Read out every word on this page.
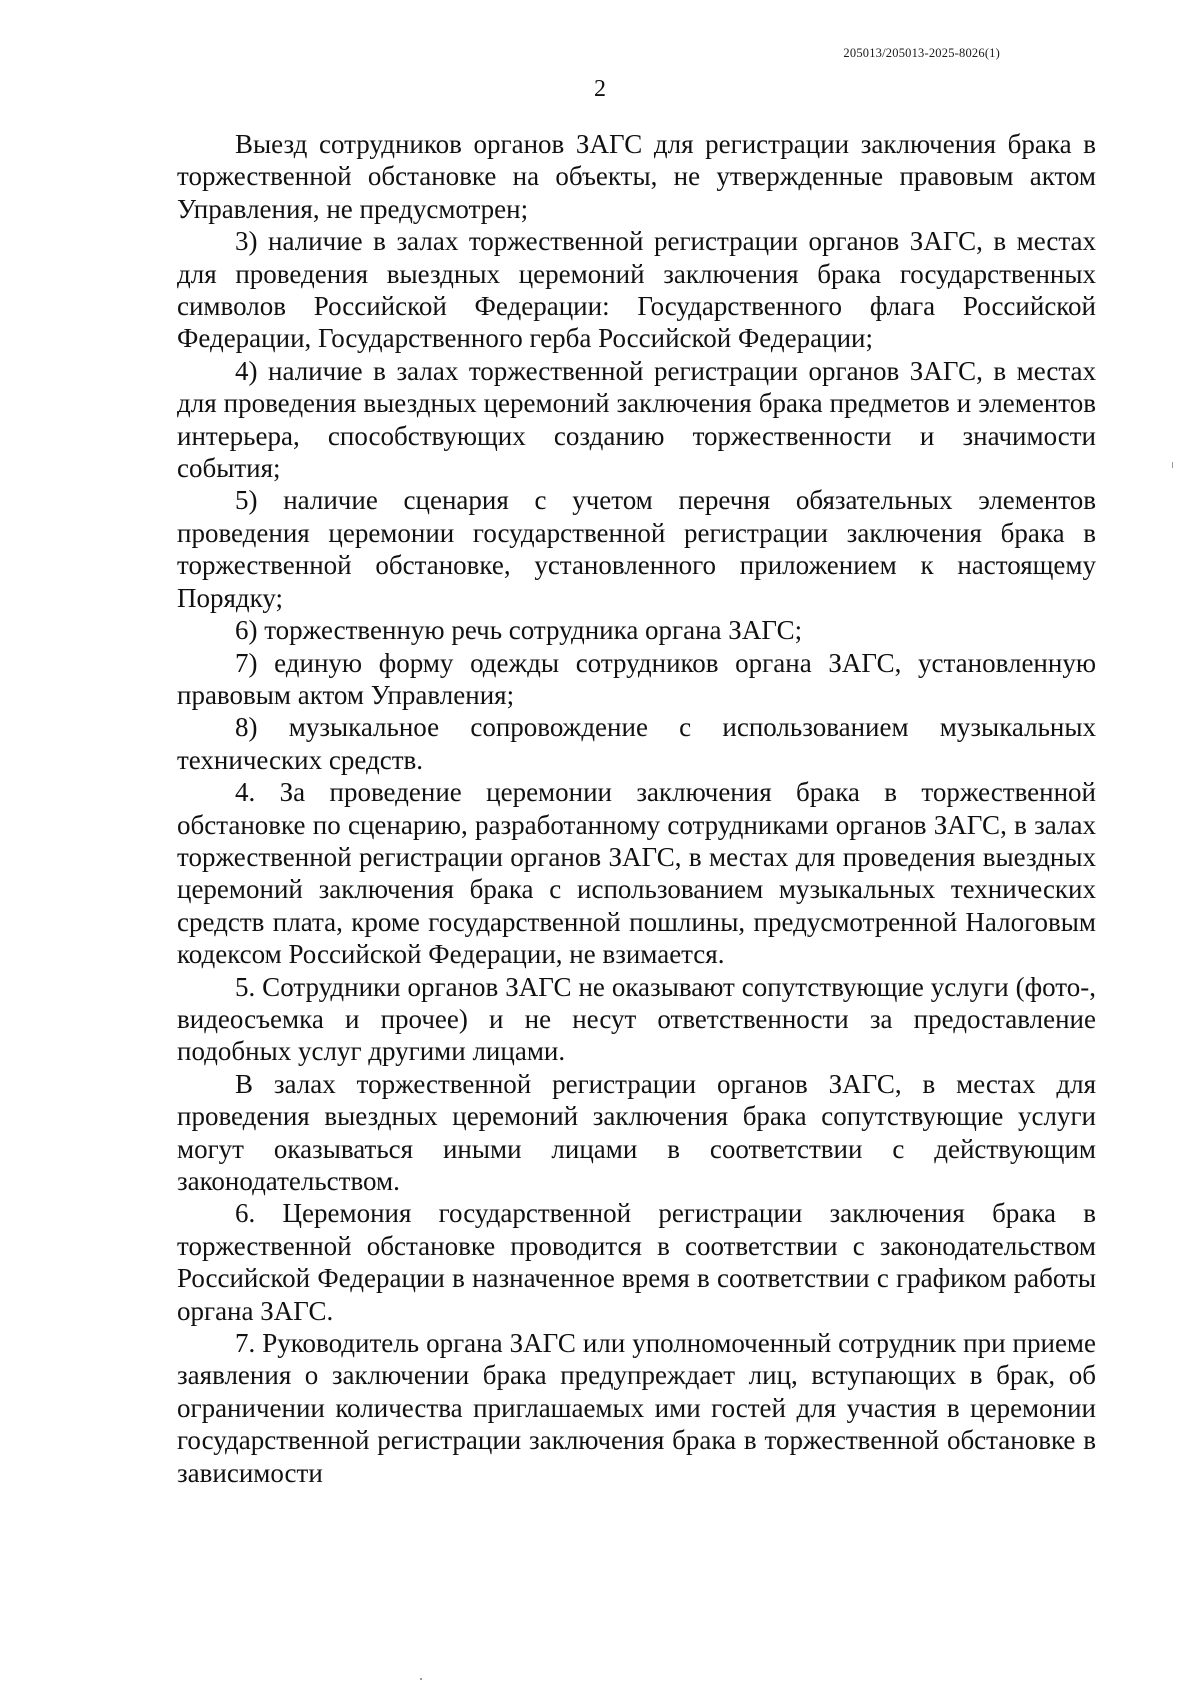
205013/205013-2025-8026(1)
2

Выезд сотрудников органов ЗАГС для регистрации заключения брака в торжественной обстановке на объекты, не утвержденные правовым актом Управления, не предусмотрен;

3) наличие в залах торжественной регистрации органов ЗАГС, в местах для проведения выездных церемоний заключения брака государственных символов Российской Федерации: Государственного флага Российской Федерации, Государственного герба Российской Федерации;

4) наличие в залах торжественной регистрации органов ЗАГС, в местах для проведения выездных церемоний заключения брака предметов и элементов интерьера, способствующих созданию торжественности и значимости события;

5) наличие сценария с учетом перечня обязательных элементов проведения церемонии государственной регистрации заключения брака в торжественной обстановке, установленного приложением к настоящему Порядку;

6) торжественную речь сотрудника органа ЗАГС;

7) единую форму одежды сотрудников органа ЗАГС, установленную правовым актом Управления;

8) музыкальное сопровождение с использованием музыкальных технических средств.

4. За проведение церемонии заключения брака в торжественной обстановке по сценарию, разработанному сотрудниками органов ЗАГС, в залах торжественной регистрации органов ЗАГС, в местах для проведения выездных церемоний заключения брака с использованием музыкальных технических средств плата, кроме государственной пошлины, предусмотренной Налоговым кодексом Российской Федерации, не взимается.

5. Сотрудники органов ЗАГС не оказывают сопутствующие услуги (фото-, видеосъемка и прочее) и не несут ответственности за предоставление подобных услуг другими лицами.

В залах торжественной регистрации органов ЗАГС, в местах для проведения выездных церемоний заключения брака сопутствующие услуги могут оказываться иными лицами в соответствии с действующим законодательством.

6. Церемония государственной регистрации заключения брака в торжественной обстановке проводится в соответствии с законодательством Российской Федерации в назначенное время в соответствии с графиком работы органа ЗАГС.

7. Руководитель органа ЗАГС или уполномоченный сотрудник при приеме заявления о заключении брака предупреждает лиц, вступающих в брак, об ограничении количества приглашаемых ими гостей для участия в церемонии государственной регистрации заключения брака в торжественной обстановке в зависимости
